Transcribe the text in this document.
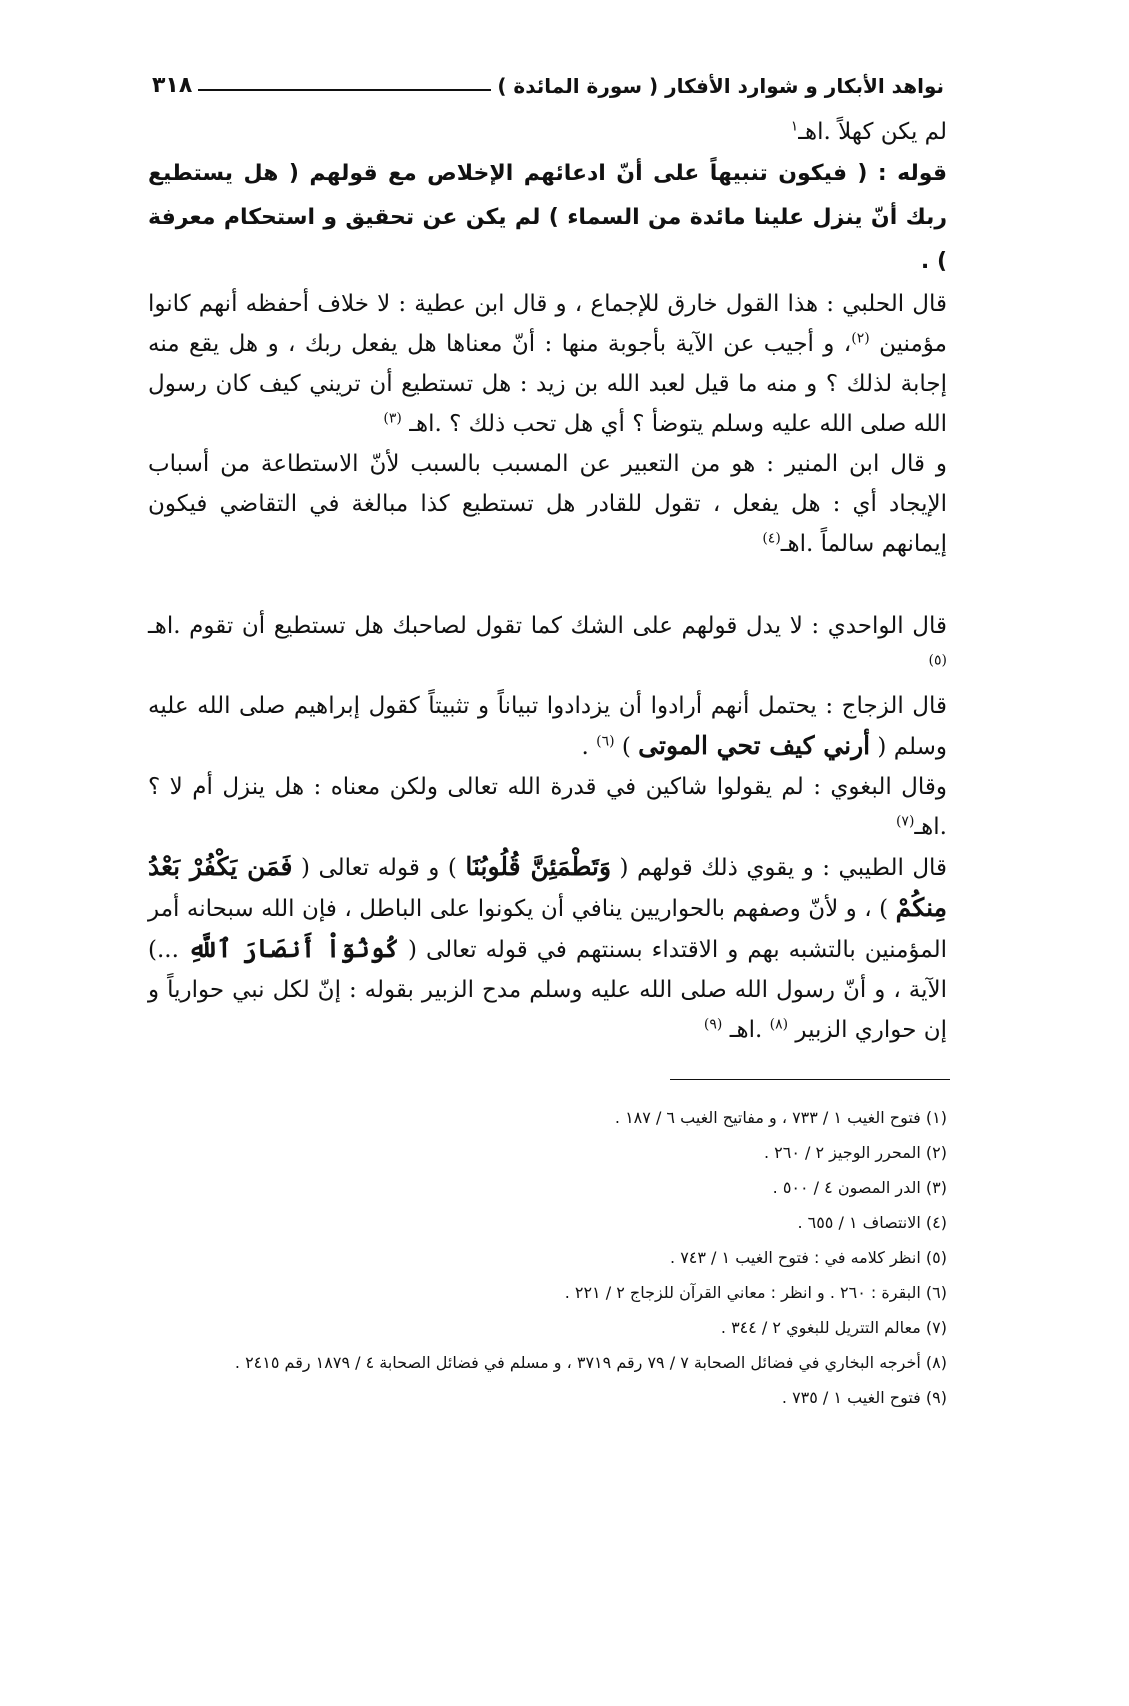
نواهد الأبكار و شوارد الأفكار ( سورة المائدة )
٣١٨

لم يكن كهلاً .اهـ$^١$

قوله : ( فيكون تنبيهاً على أنّ ادعائهم الإخلاص مع قولهم ( هل يستطيع ربك أنّ ينزل علينا مائدة من السماء ) لم يكن عن تحقيق و استحكام معرفة ) .

قال الحلبي : هذا القول خارق للإجماع ، و قال ابن عطية : لا خلاف أحفظه أنهم كانوا مؤمنين $^{(٢)}$، و أجيب عن الآية بأجوبة منها : أنّ معناها هل يفعل ربك ، و هل يقع منه إجابة لذلك ؟ و منه ما قيل لعبد الله بن زيد : هل تستطيع أن تريني كيف كان رسول الله صلى الله عليه وسلم يتوضأ ؟ أي هل تحب ذلك ؟ .اهـ $^{(٣)}$

و قال ابن المنير : هو من التعبير عن المسبب بالسبب لأنّ الاستطاعة من أسباب الإيجاد أي : هل يفعل ، تقول للقادر هل تستطيع كذا مبالغة في التقاضي فيكون إيمانهم سالماً .اهـ$^{(٤)}$

قال الواحدي : لا يدل قولهم على الشك كما تقول لصاحبك هل تستطيع أن تقوم .اهـ $^{(٥)}$

قال الزجاج : يحتمل أنهم أرادوا أن يزدادوا تبياناً و تثبيتاً كقول إبراهيم صلى الله عليه وسلم ( أرني كيف تحي الموتى ) $^{(٦)}$ .

وقال البغوي : لم يقولوا شاكين في قدرة الله تعالى ولكن معناه : هل ينزل أم لا ؟ .اهـ$^{(٧)}$

قال الطيبي : و يقوي ذلك قولهم ( وَتَطْمَئِنَّ قُلُوبُنَا ) و قوله تعالى ( فَمَن يَكْفُرْ بَعْدُ مِنكُمْ ) ، و لأنّ وصفهم بالحواريين ينافي أن يكونوا على الباطل ، فإن الله سبحانه أمر المؤمنين بالتشبه بهم و الاقتداء بسنتهم في قوله تعالى ( كُونُوٓاْ أَنصَارَ ٱللَّهِ ...) الآية ، و أنّ رسول الله صلى الله عليه وسلم مدح الزبير بقوله : إنّ لكل نبي حوارياً و إن حواري الزبير $^{(٨)}$ .اهـ $^{(٩)}$

(١) فتوح الغيب ١ / ٧٣٣ ، و مفاتيح الغيب ٦ / ١٨٧ .

(٢) المحرر الوجيز ٢ / ٢٦٠ .

(٣) الدر المصون ٤ / ٥٠٠ .

(٤) الانتصاف ١ / ٦٥٥ .

(٥) انظر كلامه في : فتوح الغيب ١ / ٧٤٣ .

(٦) البقرة : ٢٦٠ . و انظر : معاني القرآن للزجاج ٢ / ٢٢١ .

(٧) معالم التتريل للبغوي ٢ / ٣٤٤ .

(٨) أخرجه البخاري في فضائل الصحابة ٧ / ٧٩ رقم ٣٧١٩ ، و مسلم في فضائل الصحابة ٤ / ١٨٧٩ رقم ٢٤١٥ .

(٩) فتوح الغيب ١ / ٧٣٥ .
